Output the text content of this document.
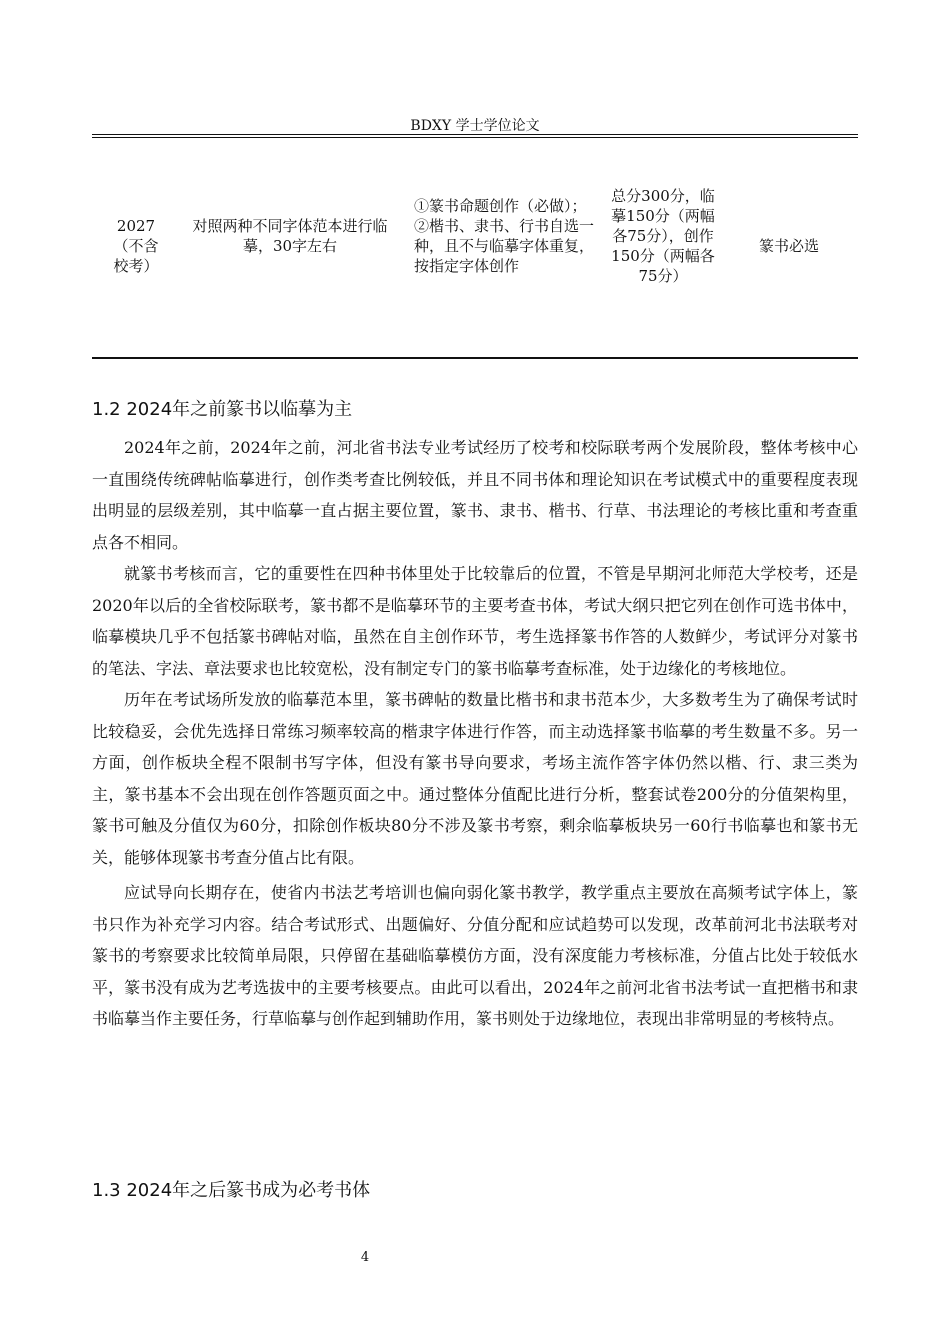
BDXY 学士学位论文
2027
（不含校考）
对照两种不同字体范本进行临摹，30字左右
①篆书命题创作（必做）；②楷书、隶书、行书自选一种，且不与临摹字体重复，按指定字体创作
总分300分，临摹150分（两幅各75分），创作150分（两幅各75分）
篆书必选
1.2 2024年之前篆书以临摹为主

2024年之前，2024年之前，河北省书法专业考试经历了校考和校际联考两个发展阶段，整体考核中心一直围绕传统碑帖临摹进行，创作类考查比例较低，并且不同书体和理论知识在考试模式中的重要程度表现出明显的层级差别，其中临摹一直占据主要位置，篆书、隶书、楷书、行草、书法理论的考核比重和考查重点各不相同。

就篆书考核而言，它的重要性在四种书体里处于比较靠后的位置，不管是早期河北师范大学校考，还是2020年以后的全省校际联考，篆书都不是临摹环节的主要考查书体，考试大纲只把它列在创作可选书体中，临摹模块几乎不包括篆书碑帖对临，虽然在自主创作环节，考生选择篆书作答的人数鲜少，考试评分对篆书的笔法、字法、章法要求也比较宽松，没有制定专门的篆书临摹考查标准，处于边缘化的考核地位。

历年在考试场所发放的临摹范本里，篆书碑帖的数量比楷书和隶书范本少，大多数考生为了确保考试时比较稳妥，会优先选择日常练习频率较高的楷隶字体进行作答，而主动选择篆书临摹的考生数量不多。另一方面，创作板块全程不限制书写字体，但没有篆书导向要求，考场主流作答字体仍然以楷、行、隶三类为主，篆书基本不会出现在创作答题页面之中。通过整体分值配比进行分析，整套试卷200分的分值架构里，篆书可触及分值仅为60分，扣除创作板块80分不涉及篆书考察，剩余临摹板块另一60行书临摹也和篆书无关，能够体现篆书考查分值占比有限。

应试导向长期存在，使省内书法艺考培训也偏向弱化篆书教学，教学重点主要放在高频考试字体上，篆书只作为补充学习内容。结合考试形式、出题偏好、分值分配和应试趋势可以发现，改革前河北书法联考对篆书的考察要求比较简单局限，只停留在基础临摹模仿方面，没有深度能力考核标准，分值占比处于较低水平，篆书没有成为艺考选拔中的主要考核要点。由此可以看出，2024年之前河北省书法考试一直把楷书和隶书临摹当作主要任务，行草临摹与创作起到辅助作用，篆书则处于边缘地位，表现出非常明显的考核特点。

1.3 2024年之后篆书成为必考书体
4
